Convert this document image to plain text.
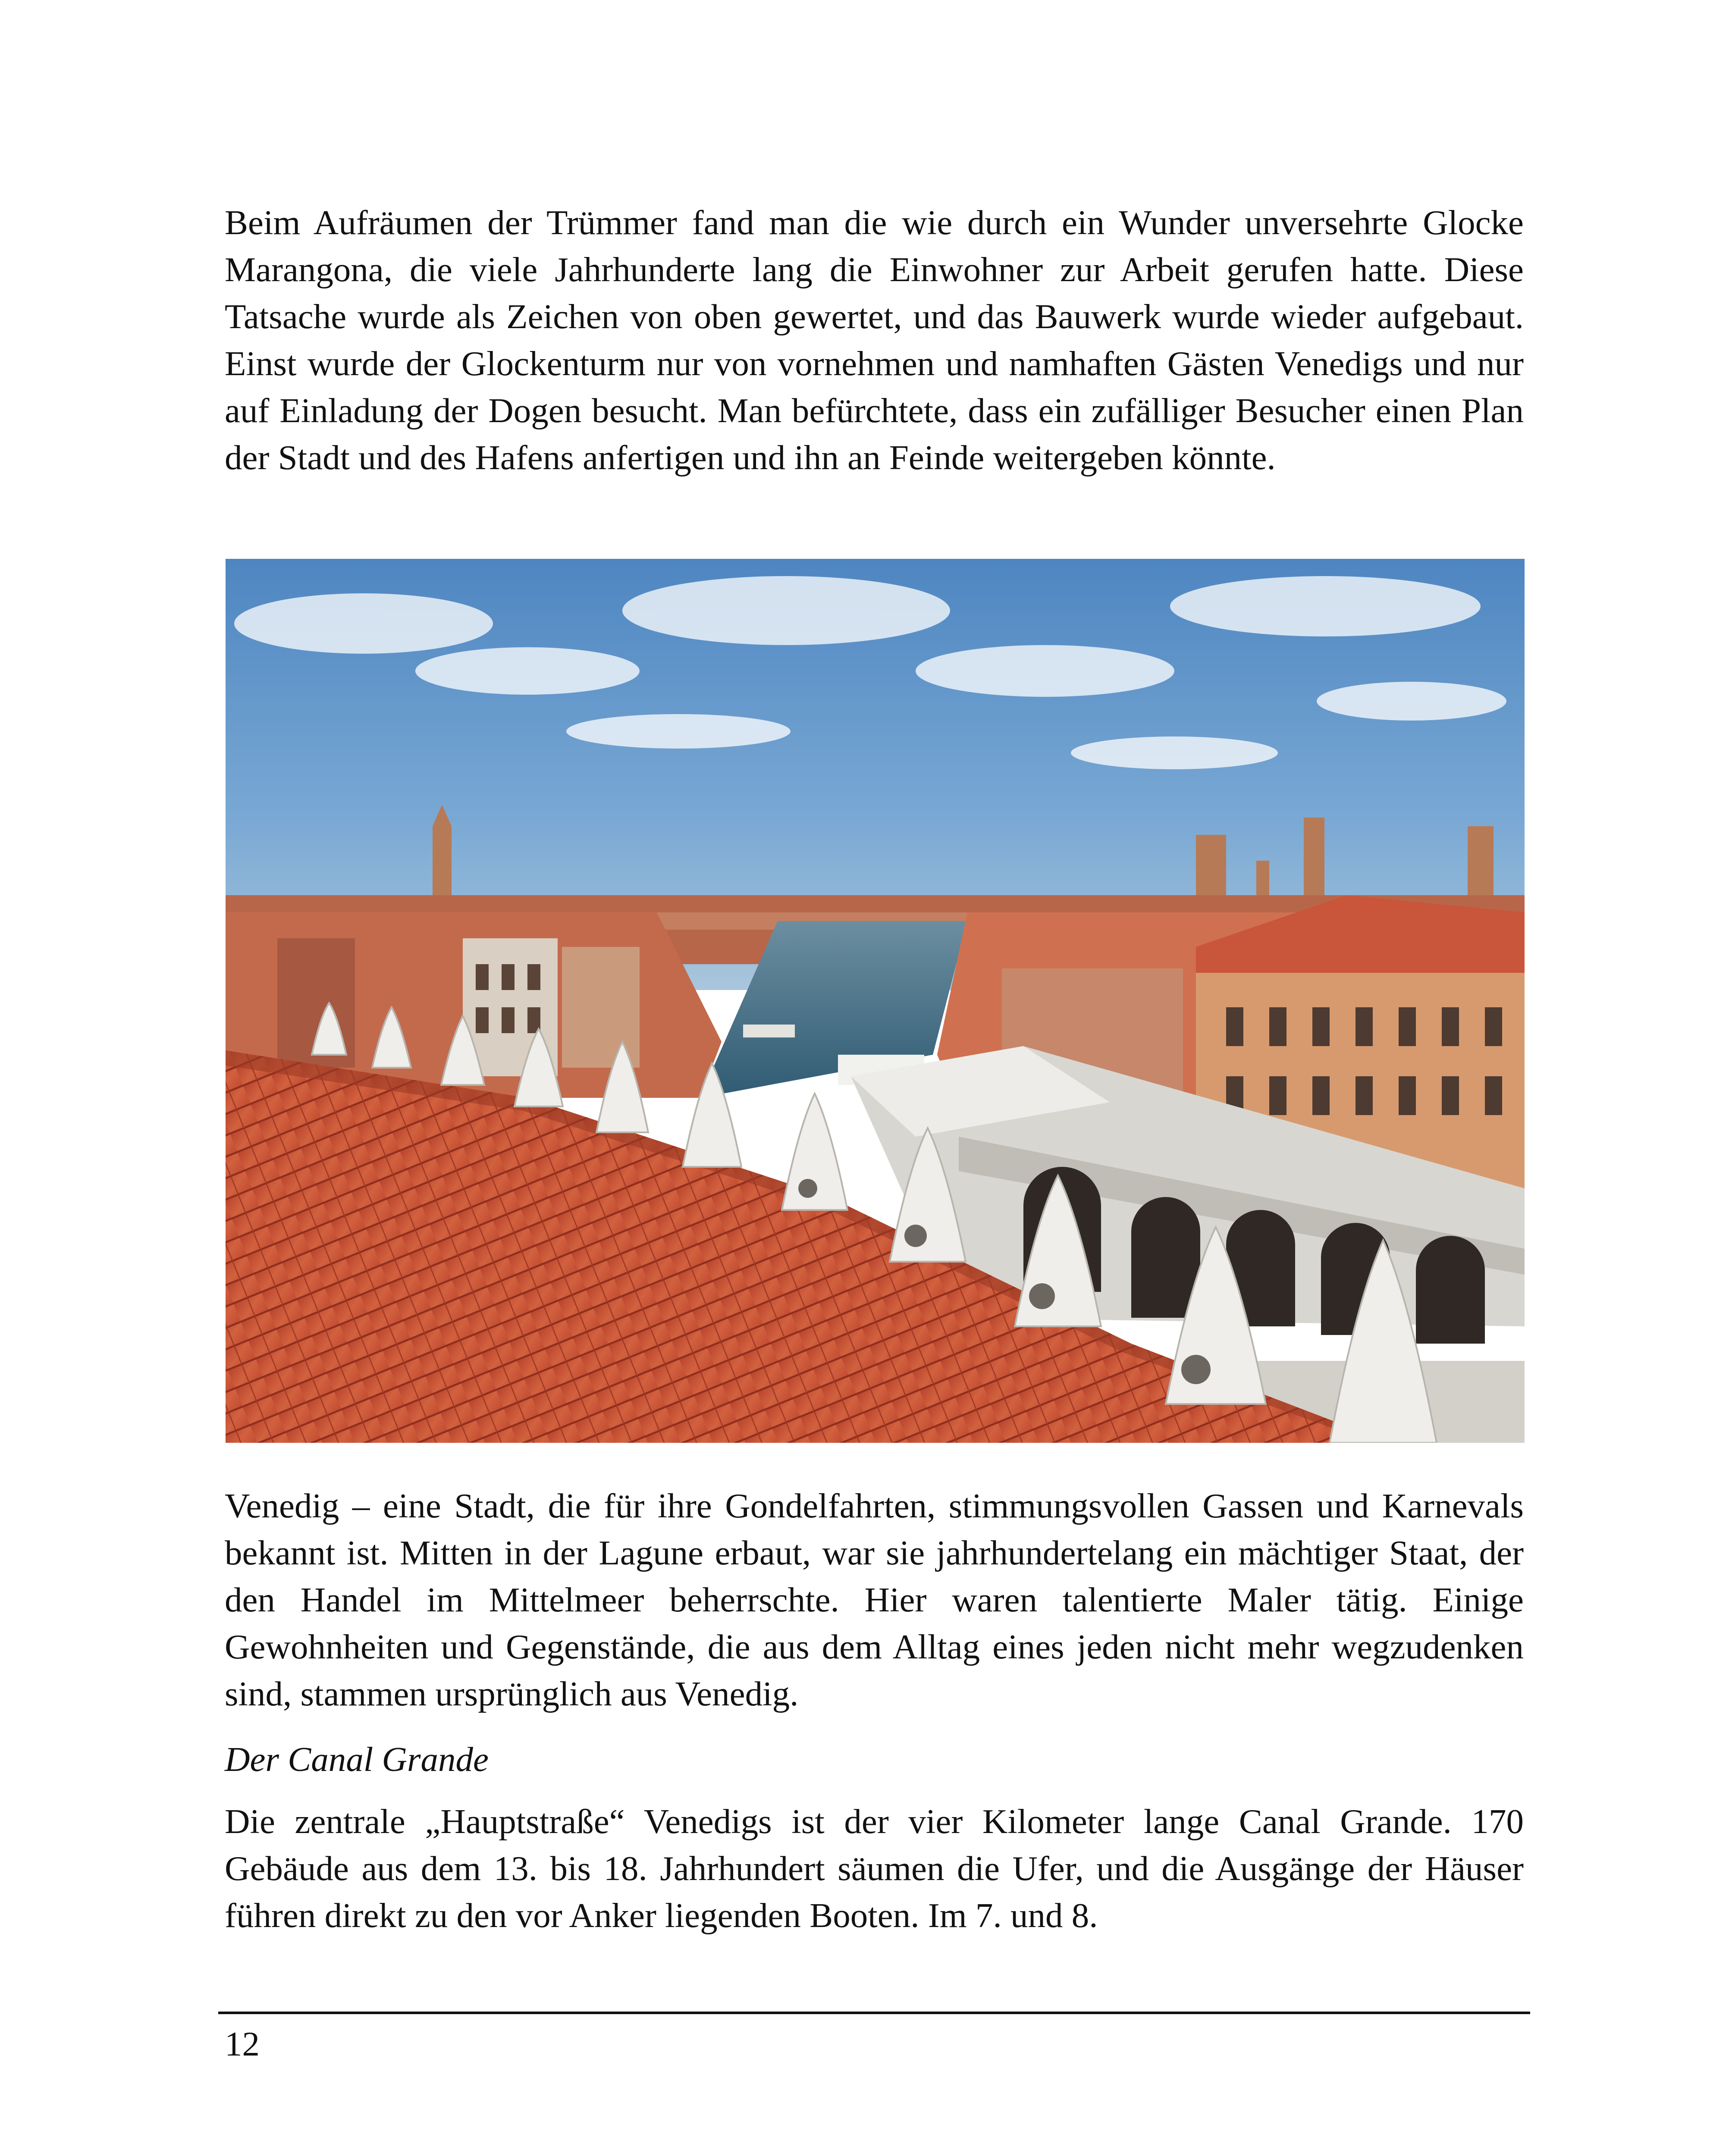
Beim Aufräumen der Trümmer fand man die wie durch ein Wunder unversehrte Glocke Marangona, die viele Jahrhunderte lang die Einwohner zur Arbeit gerufen hatte. Diese Tatsache wurde als Zeichen von oben gewertet, und das Bauwerk wurde wieder aufgebaut. Einst wurde der Glockenturm nur von vornehmen und namhaften Gästen Venedigs und nur auf Einladung der Dogen besucht. Man befürchtete, dass ein zufälliger Besucher einen Plan der Stadt und des Hafens anfertigen und ihn an Feinde weitergeben könnte.

Venedig – eine Stadt, die für ihre Gondelfahrten, stimmungsvollen Gassen und Karnevals bekannt ist. Mitten in der Lagune erbaut, war sie jahrhundertelang ein mächtiger Staat, der den Handel im Mittelmeer beherrschte. Hier waren talentierte Maler tätig. Einige Gewohnheiten und Gegenstände, die aus dem Alltag eines jeden nicht mehr wegzudenken sind, stammen ursprünglich aus Venedig.

Der Canal Grande

Die zentrale „Hauptstraße“ Venedigs ist der vier Kilometer lange Canal Grande. 170 Gebäude aus dem 13. bis 18. Jahrhundert säumen die Ufer, und die Ausgänge der Häuser führen direkt zu den vor Anker liegenden Booten. Im 7. und 8.

12
